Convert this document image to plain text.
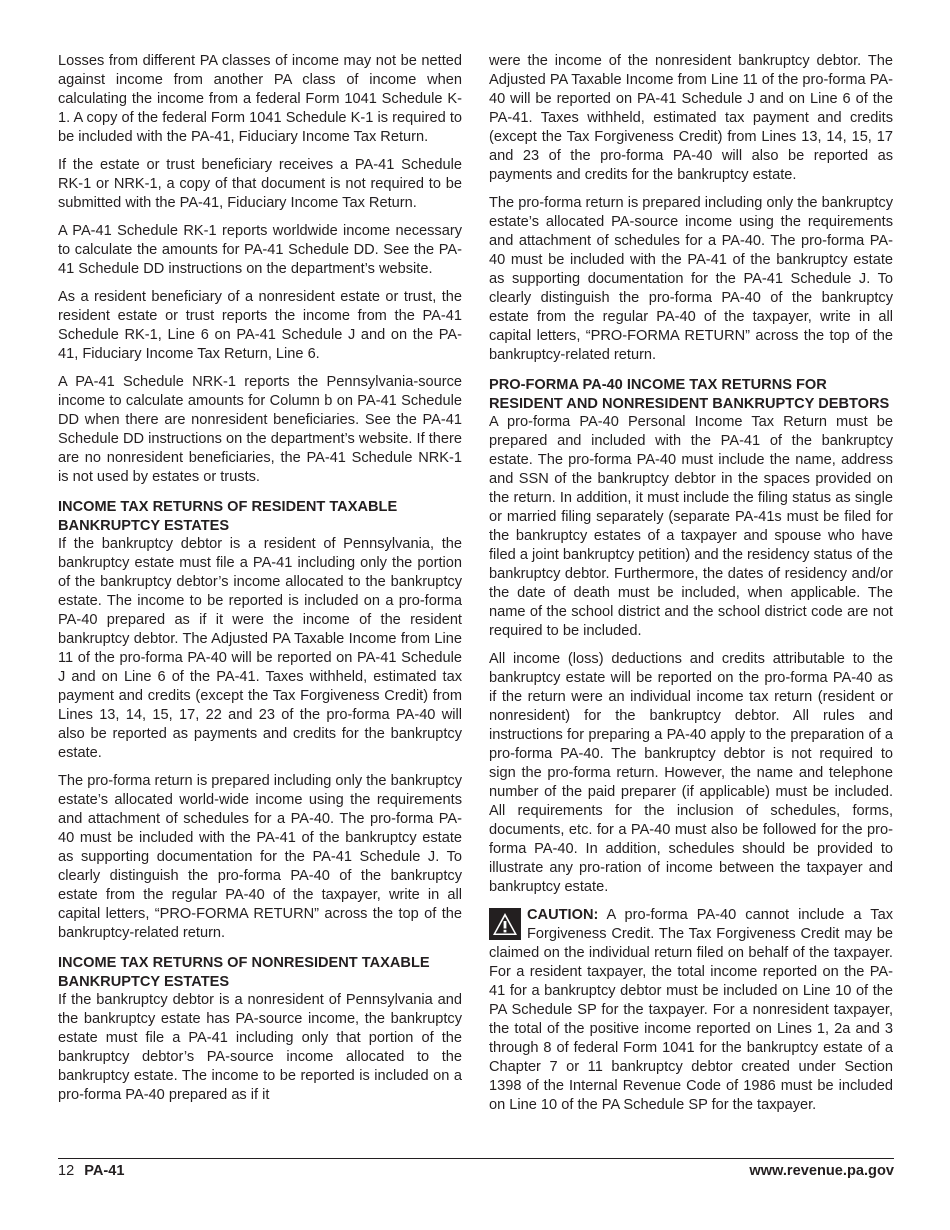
Losses from different PA classes of income may not be netted against income from another PA class of income when calculating the income from a federal Form 1041 Schedule K-1. A copy of the federal Form 1041 Schedule K-1 is required to be included with the PA-41, Fiduciary Income Tax Return.

If the estate or trust beneficiary receives a PA-41 Schedule RK-1 or NRK-1, a copy of that document is not required to be submitted with the PA-41, Fiduciary Income Tax Return.

A PA-41 Schedule RK-1 reports worldwide income necessary to calculate the amounts for PA-41 Schedule DD. See the PA-41 Schedule DD instructions on the department’s website.

As a resident beneficiary of a nonresident estate or trust, the resident estate or trust reports the income from the PA-41 Schedule RK-1, Line 6 on PA-41 Schedule J and on the PA-41, Fiduciary Income Tax Return, Line 6.

A PA-41 Schedule NRK-1 reports the Pennsylvania-source income to calculate amounts for Column b on PA-41 Schedule DD when there are nonresident beneficiaries. See the PA-41 Schedule DD instructions on the department’s website. If there are no nonresident beneficiaries, the PA-41 Schedule NRK-1 is not used by estates or trusts.

INCOME TAX RETURNS OF RESIDENT TAXABLE BANKRUPTCY ESTATES

If the bankruptcy debtor is a resident of Pennsylvania, the bankruptcy estate must file a PA-41 including only the portion of the bankruptcy debtor’s income allocated to the bankruptcy estate. The income to be reported is included on a pro-forma PA-40 prepared as if it were the income of the resident bankruptcy debtor. The Adjusted PA Taxable Income from Line 11 of the pro-forma PA-40 will be reported on PA-41 Schedule J and on Line 6 of the PA-41. Taxes withheld, estimated tax payment and credits (except the Tax Forgiveness Credit) from Lines 13, 14, 15, 17, 22 and 23 of the pro-forma PA-40 will also be reported as payments and credits for the bankruptcy estate.

The pro-forma return is prepared including only the bankruptcy estate’s allocated world-wide income using the requirements and attachment of schedules for a PA-40. The pro-forma PA-40 must be included with the PA-41 of the bankruptcy estate as supporting documentation for the PA-41 Schedule J. To clearly distinguish the pro-forma PA-40 of the bankruptcy estate from the regular PA-40 of the taxpayer, write in all capital letters, “PRO-FORMA RETURN” across the top of the bankruptcy-related return.

INCOME TAX RETURNS OF NONRESIDENT TAXABLE BANKRUPTCY ESTATES

If the bankruptcy debtor is a nonresident of Pennsylvania and the bankruptcy estate has PA-source income, the bankruptcy estate must file a PA-41 including only that portion of the bankruptcy debtor’s PA-source income allocated to the bankruptcy estate. The income to be reported is included on a pro-forma PA-40 prepared as if it

were the income of the nonresident bankruptcy debtor. The Adjusted PA Taxable Income from Line 11 of the pro-forma PA-40 will be reported on PA-41 Schedule J and on Line 6 of the PA-41. Taxes withheld, estimated tax payment and credits (except the Tax Forgiveness Credit) from Lines 13, 14, 15, 17 and 23 of the pro-forma PA-40 will also be reported as payments and credits for the bankruptcy estate.

The pro-forma return is prepared including only the bankruptcy estate’s allocated PA-source income using the requirements and attachment of schedules for a PA-40. The pro-forma PA-40 must be included with the PA-41 of the bankruptcy estate as supporting documentation for the PA-41 Schedule J. To clearly distinguish the pro-forma PA-40 of the bankruptcy estate from the regular PA-40 of the taxpayer, write in all capital letters, “PRO-FORMA RETURN” across the top of the bankruptcy-related return.

PRO-FORMA PA-40 INCOME TAX RETURNS FOR RESIDENT AND NONRESIDENT BANKRUPTCY DEBTORS

A pro-forma PA-40 Personal Income Tax Return must be prepared and included with the PA-41 of the bankruptcy estate. The pro-forma PA-40 must include the name, address and SSN of the bankruptcy debtor in the spaces provided on the return. In addition, it must include the filing status as single or married filing separately (separate PA-41s must be filed for the bankruptcy estates of a taxpayer and spouse who have filed a joint bankruptcy petition) and the residency status of the bankruptcy debtor. Furthermore, the dates of residency and/or the date of death must be included, when applicable. The name of the school district and the school district code are not required to be included.

All income (loss) deductions and credits attributable to the bankruptcy estate will be reported on the pro-forma PA-40 as if the return were an individual income tax return (resident or nonresident) for the bankruptcy debtor. All rules and instructions for preparing a PA-40 apply to the preparation of a pro-forma PA-40. The bankruptcy debtor is not required to sign the pro-forma return. However, the name and telephone number of the paid preparer (if applicable) must be included. All requirements for the inclusion of schedules, forms, documents, etc. for a PA-40 must also be followed for the pro-forma PA-40. In addition, schedules should be provided to illustrate any pro-ration of income between the taxpayer and bankruptcy estate.

CAUTION: A pro-forma PA-40 cannot include a Tax Forgiveness Credit. The Tax Forgiveness Credit may be claimed on the individual return filed on behalf of the taxpayer. For a resident taxpayer, the total income reported on the PA-41 for a bankruptcy debtor must be included on Line 10 of the PA Schedule SP for the taxpayer. For a nonresident taxpayer, the total of the positive income reported on Lines 1, 2a and 3 through 8 of federal Form 1041 for the bankruptcy estate of a Chapter 7 or 11 bankruptcy debtor created under Section 1398 of the Internal Revenue Code of 1986 must be included on Line 10 of the PA Schedule SP for the taxpayer.

12 PA-41	www.revenue.pa.gov
